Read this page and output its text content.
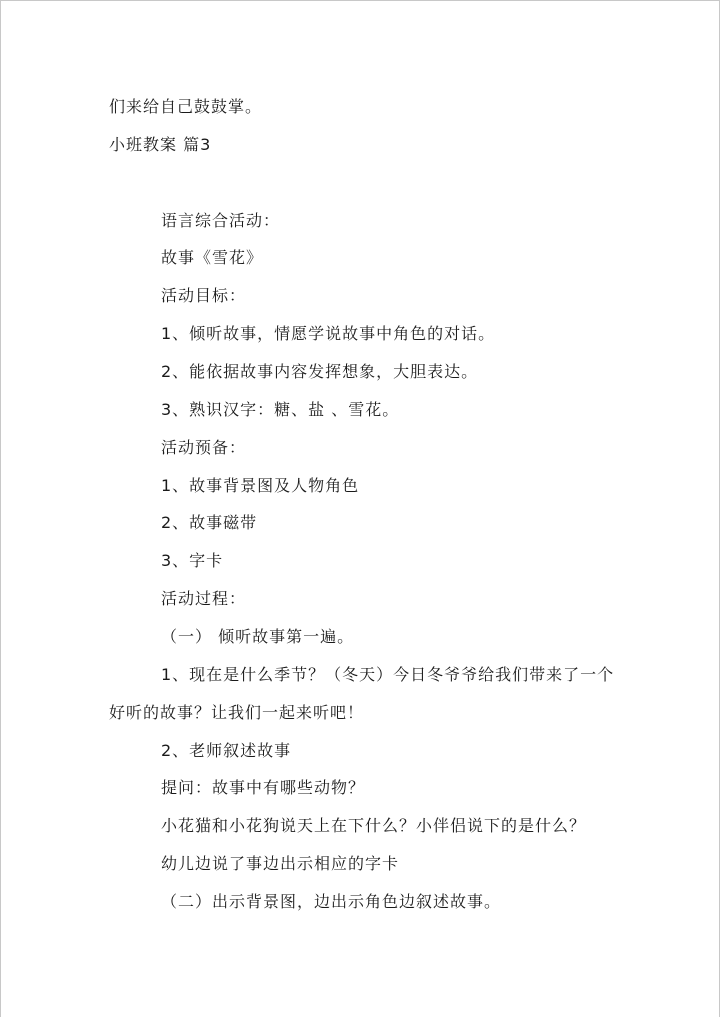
们来给自己鼓鼓掌。
小班教案 篇3
语言综合活动：
故事《雪花》
活动目标：
1、倾听故事，情愿学说故事中角色的对话。
2、能依据故事内容发挥想象，大胆表达。
3、熟识汉字：糖、盐 、雪花。
活动预备：
1、故事背景图及人物角色
2、故事磁带
3、字卡
活动过程：
（一） 倾听故事第一遍。
1、现在是什么季节？（冬天）今日冬爷爷给我们带来了一个
好听的故事？让我们一起来听吧！
2、老师叙述故事
提问：故事中有哪些动物？
小花猫和小花狗说天上在下什么？小伴侣说下的是什么？
幼儿边说了事边出示相应的字卡
（二）出示背景图，边出示角色边叙述故事。
